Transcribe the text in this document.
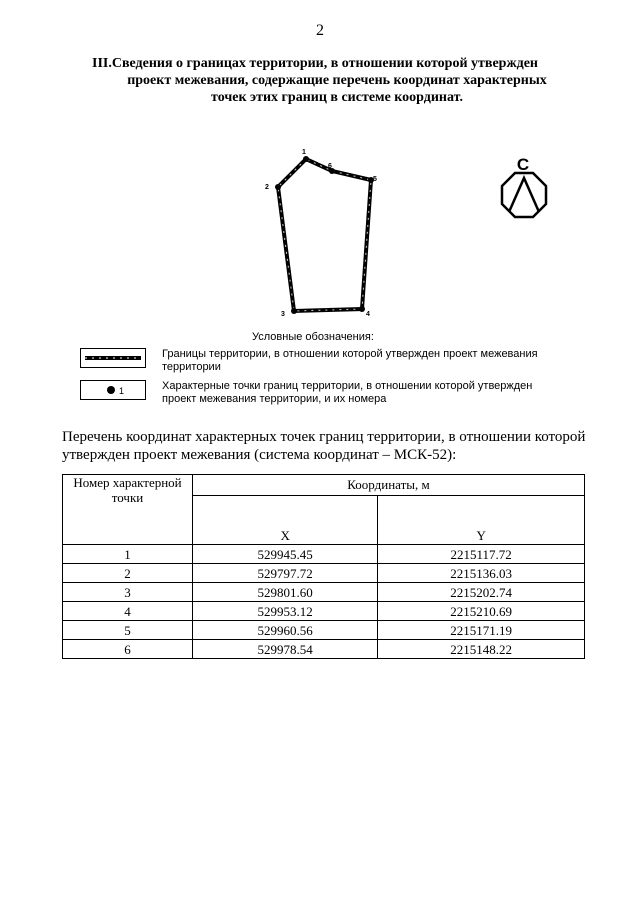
2
III.Сведения о границах территории, в отношении которой утвержден
проект межевания, содержащие перечень координат характерных
точек этих границ в системе координат.
1
2
3	4
5
6	С
Условные обозначения:
Границы территории, в отношении которой утвержден проект межевания территории
1	Характерные точки границ территории, в отношении которой утвержден проект межевания территории, и их номера
Перечень координат характерных точек границ территории, в отношении которой утвержден проект межевания (система координат – МСК-52):
Номер характерной точки	Координаты, м	
	X	Y
1	529945.45	2215117.72
2	529797.72	2215136.03
3	529801.60	2215202.74
4	529953.12	2215210.69
5	529960.56	2215171.19
6	529978.54	2215148.22
